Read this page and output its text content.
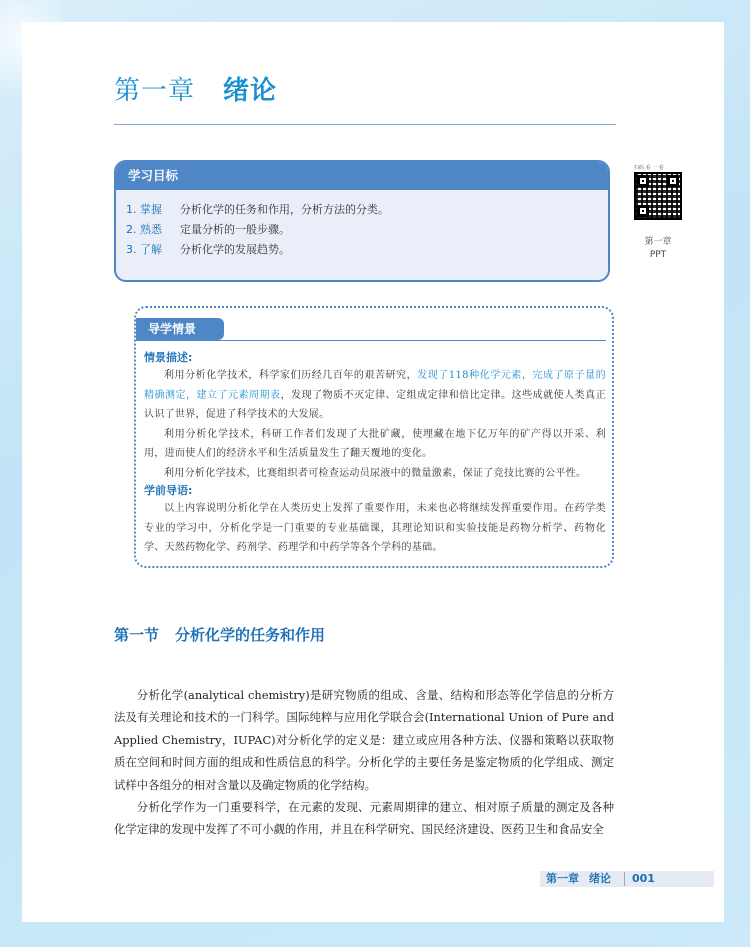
第一章 绪论
学习目标
1. 掌握 分析化学的任务和作用，分析方法的分类。
2. 熟悉 定量分析的一般步骤。
3. 了解 分析化学的发展趋势。
扫码 看 一 看
第一章
PPT
导学情景
情景描述:

利用分析化学技术，科学家们历经几百年的艰苦研究，发现了118种化学元素，完成了原子量的精确测定，建立了元素周期表，发现了物质不灭定律、定组成定律和倍比定律。这些成就使人类真正认识了世界，促进了科学技术的大发展。

利用分析化学技术，科研工作者们发现了大批矿藏，使埋藏在地下亿万年的矿产得以开采、利用，进而使人们的经济水平和生活质量发生了翻天覆地的变化。

利用分析化学技术，比赛组织者可检查运动员尿液中的微量激素，保证了竞技比赛的公平性。

学前导语:

以上内容说明分析化学在人类历史上发挥了重要作用，未来也必将继续发挥重要作用。在药学类专业的学习中，分析化学是一门重要的专业基础课，其理论知识和实验技能是药物分析学、药物化学、天然药物化学、药剂学、药理学和中药学等各个学科的基础。

第一节 分析化学的任务和作用

分析化学(analytical chemistry)是研究物质的组成、含量、结构和形态等化学信息的分析方法及有关理论和技术的一门科学。国际纯粹与应用化学联合会(International Union of Pure and Applied Chemistry，IUPAC)对分析化学的定义是：建立或应用各种方法、仪器和策略以获取物质在空间和时间方面的组成和性质信息的科学。分析化学的主要任务是鉴定物质的化学组成、测定试样中各组分的相对含量以及确定物质的化学结构。

分析化学作为一门重要科学，在元素的发现、元素周期律的建立、相对原子质量的测定及各种化学定律的发现中发挥了不可小觑的作用，并且在科学研究、国民经济建设、医药卫生和食品安全

第一章 绪论 001
